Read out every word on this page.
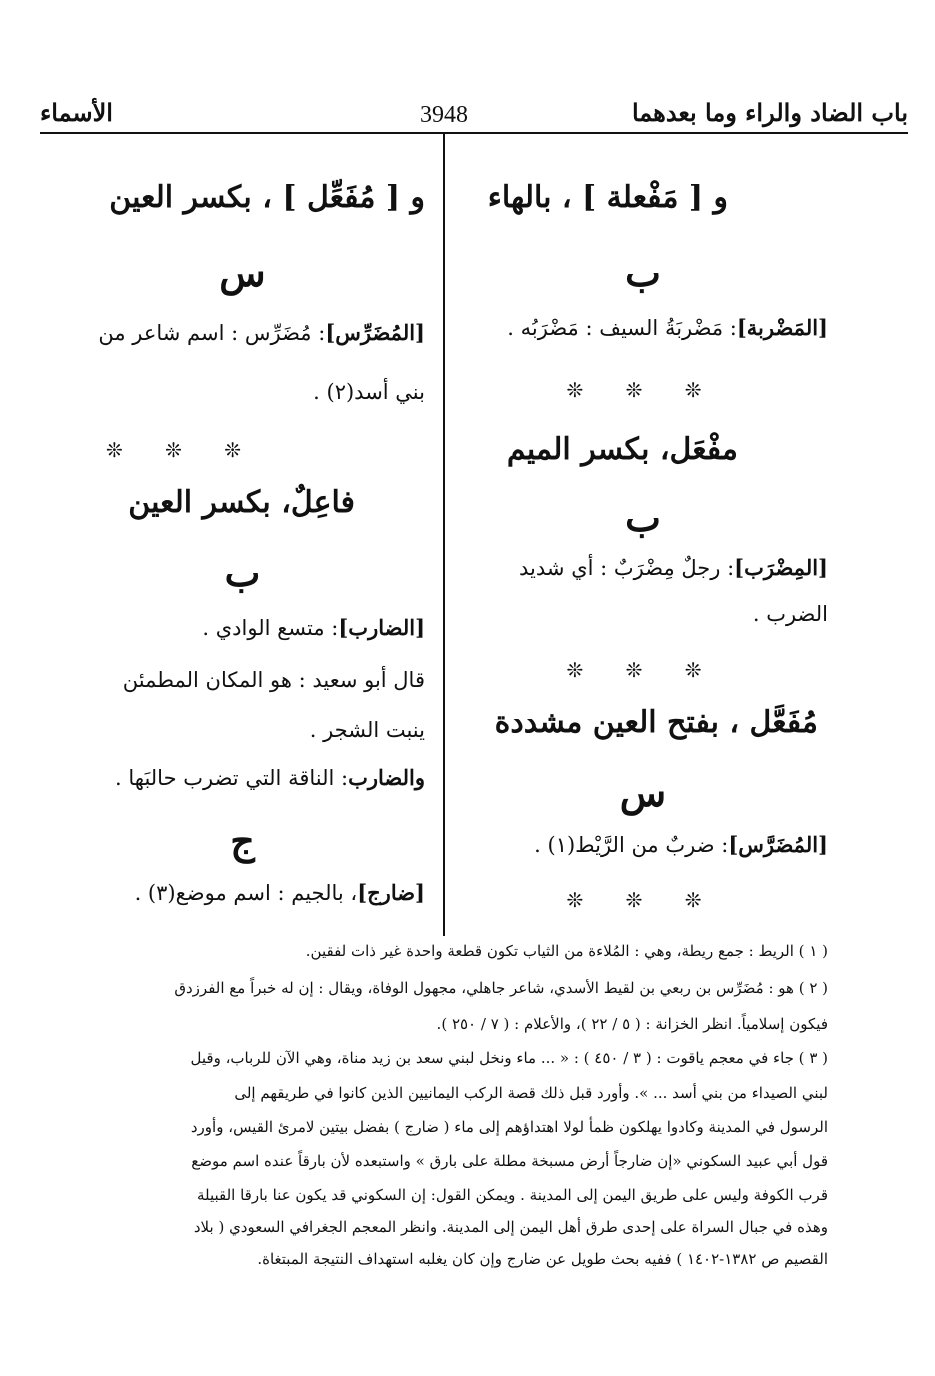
باب الضاد والراء وما بعدهما
3948
الأسماء
و [ مَفْعلة ] ، بالهاء
ب
[المَضْربة]: مَضْربَةُ السيف : مَضْرَبُه .
❊ ❊ ❊
مفْعَل، بكسر الميم
ب
[المِضْرَب]: رجلٌ مِضْرَبٌ : أي شديد
الضرب .
❊ ❊ ❊
مُفَعَّل ، بفتح العين مشددة
س
[المُضَرَّس]: ضربٌ من الرَّيْط(١) .
❊ ❊ ❊
و [ مُفَعِّل ] ، بكسر العين
س
[المُضَرِّس]: مُضَرِّس : اسم شاعر من
بني أسد(٢) .
❊ ❊ ❊
فاعِلٌ، بكسر العين
ب
[الضارب]: متسع الوادي .
قال أبو سعيد : هو المكان المطمئن
ينبت الشجر .
والضارب: الناقة التي تضرب حالبَها .
ج
[ضارج]، بالجيم : اسم موضع(٣) .
( ١ ) الريط : جمع ريطة، وهي : المُلاءة من الثياب تكون قطعة واحدة غير ذات لفقين.
( ٢ ) هو : مُضَرِّس بن ربعي بن لقيط الأسدي، شاعر جاهلي، مجهول الوفاة، ويقال : إن له خبراً مع الفرزدق
فيكون إسلامياً. انظر الخزانة : ( ٥ / ٢٢ )، والأعلام : ( ٧ / ٢٥٠ ).
( ٣ ) جاء في معجم ياقوت : ( ٣ / ٤٥٠ ) : « ... ماء ونخل لبني سعد بن زيد مناة، وهي الآن للرباب، وقيل
لبني الصيداء من بني أسد ... ». وأورد قبل ذلك قصة الركب اليمانيين الذين كانوا في طريقهم إلى
الرسول في المدينة وكادوا يهلكون ظمأ لولا اهتداؤهم إلى ماء ( ضارج ) بفضل بيتين لامرئ القيس، وأورد
قول أبي عبيد السكوني «إن ضارجاً أرض مسبخة مطلة على بارق » واستبعده لأن بارقاً عنده اسم موضع
قرب الكوفة وليس على طريق اليمن إلى المدينة . ويمكن القول: إن السكوني قد يكون عنا بارقا القبيلة
وهذه في جبال السراة على إحدى طرق أهل اليمن إلى المدينة. وانظر المعجم الجغرافي السعودي ( بلاد
القصيم ص ١٣٨٢-١٤٠٢ ) ففيه بحث طويل عن ضارج وإن كان يغلبه استهداف النتيجة المبتغاة.
